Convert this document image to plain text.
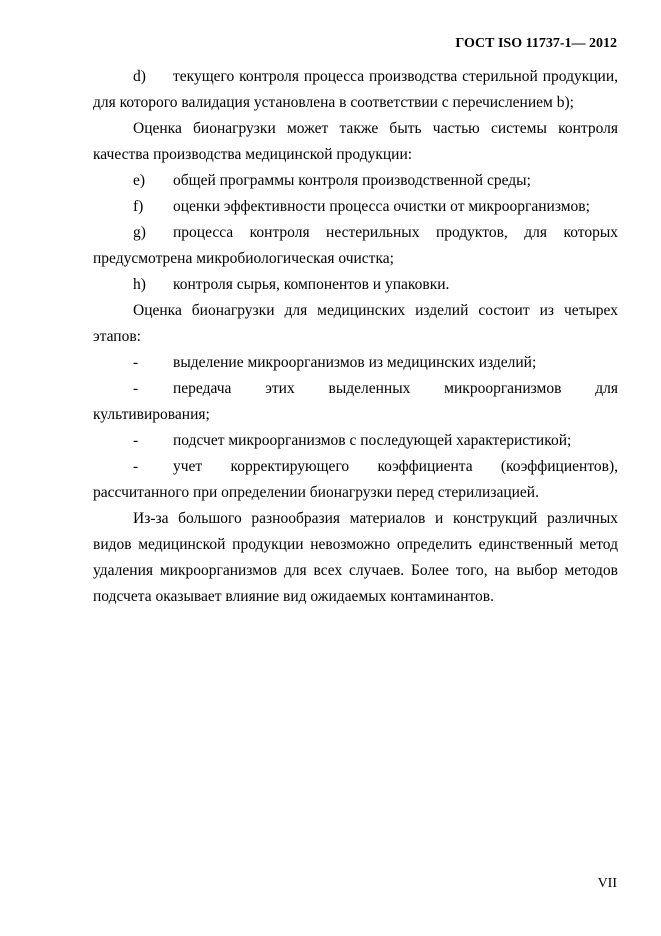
ГОСТ ISO 11737-1— 2012

d) текущего контроля процесса производства стерильной продукции, для которого валидация установлена в соответствии с перечислением b);

Оценка бионагрузки может также быть частью системы контроля качества производства медицинской продукции:

e) общей программы контроля производственной среды;

f) оценки эффективности процесса очистки от микроорганизмов;

g) процесса контроля нестерильных продуктов, для которых предусмотрена микробиологическая очистка;

h) контроля сырья, компонентов и упаковки.

Оценка бионагрузки для медицинских изделий состоит из четырех этапов:

- выделение микроорганизмов из медицинских изделий;

- передача этих выделенных микроорганизмов для культивирования;

- подсчет микроорганизмов с последующей характеристикой;

- учет корректирующего коэффициента (коэффициентов), рассчитанного при определении бионагрузки перед стерилизацией.

Из-за большого разнообразия материалов и конструкций различных видов медицинской продукции невозможно определить единственный метод удаления микроорганизмов для всех случаев. Более того, на выбор методов подсчета оказывает влияние вид ожидаемых контаминантов.

VII
